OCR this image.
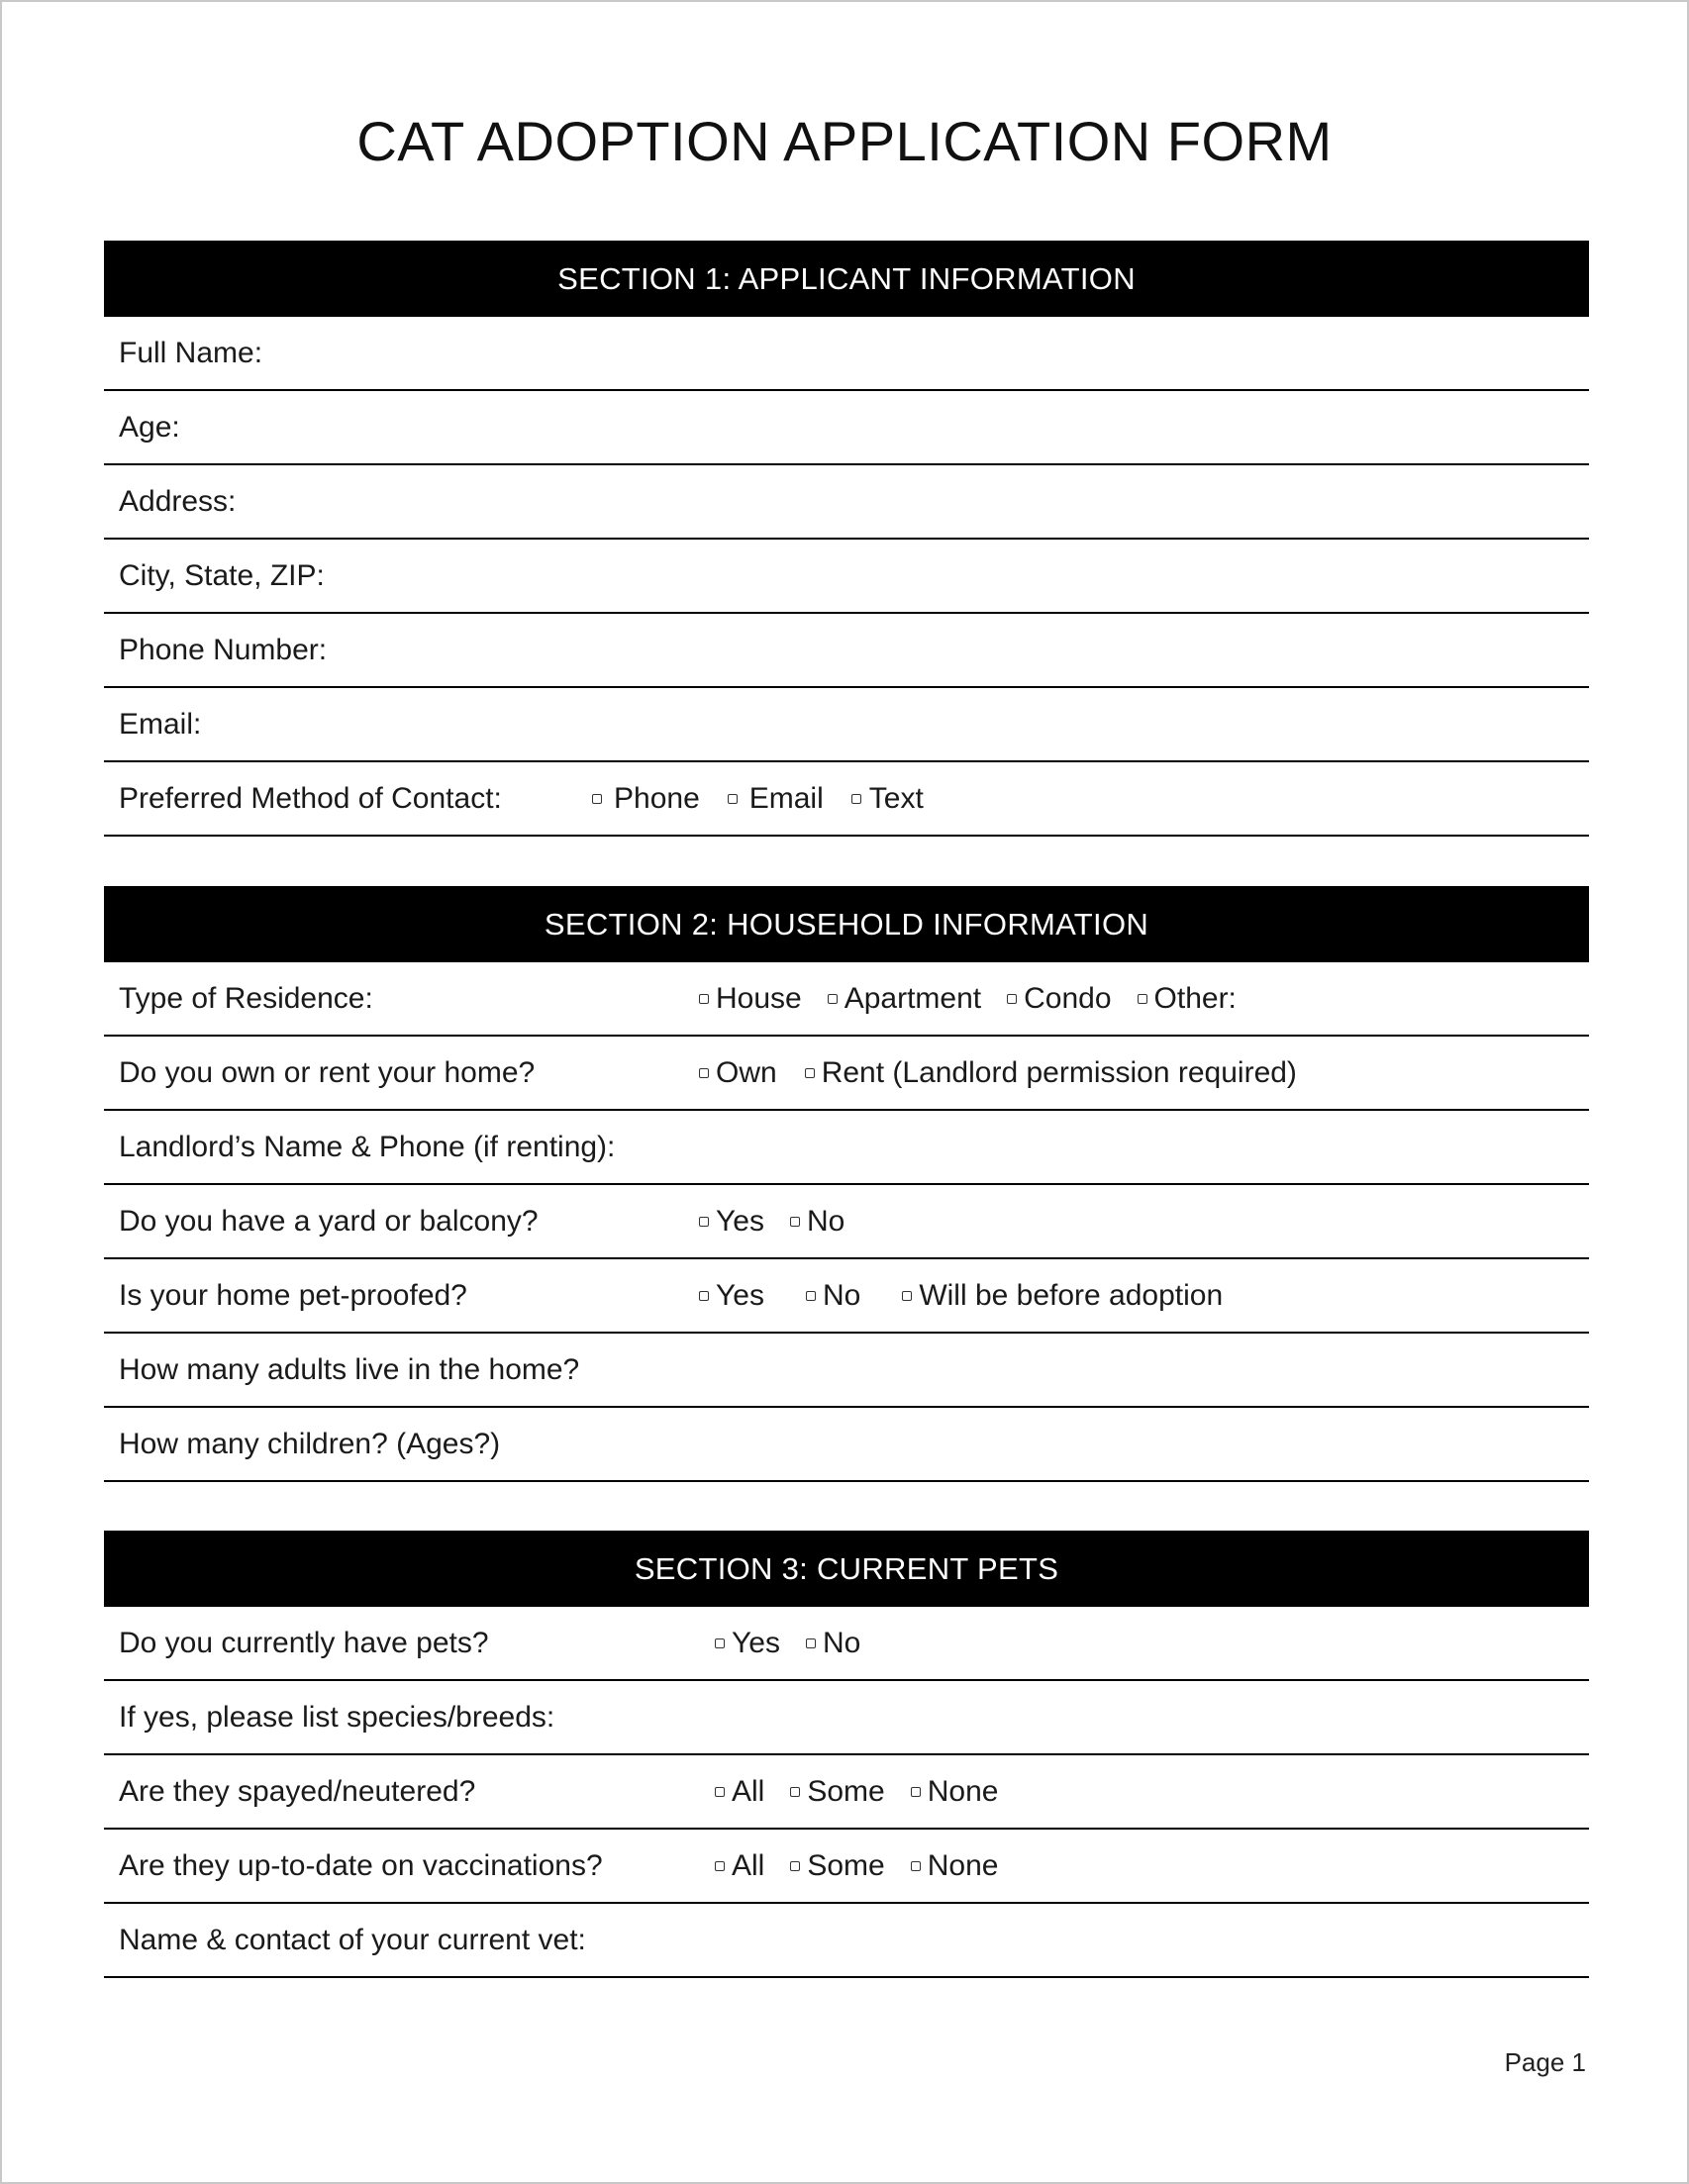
CAT ADOPTION APPLICATION FORM
SECTION 1: APPLICANT INFORMATION
Full Name:
Age:
Address:
City, State, ZIP:
Phone Number:
Email:
Preferred Method of Contact:	Phone Email Text
SECTION 2: HOUSEHOLD INFORMATION
Type of Residence:	House Apartment Condo Other:
Do you own or rent your home?	Own Rent (Landlord permission required)
Landlord’s Name & Phone (if renting):
Do you have a yard or balcony?	Yes No
Is your home pet-proofed?	Yes No Will be before adoption
How many adults live in the home?
How many children? (Ages?)
SECTION 3: CURRENT PETS
Do you currently have pets?	Yes No
If yes, please list species/breeds:
Are they spayed/neutered?	All Some None
Are they up-to-date on vaccinations?	All Some None
Name & contact of your current vet:
Page 1
